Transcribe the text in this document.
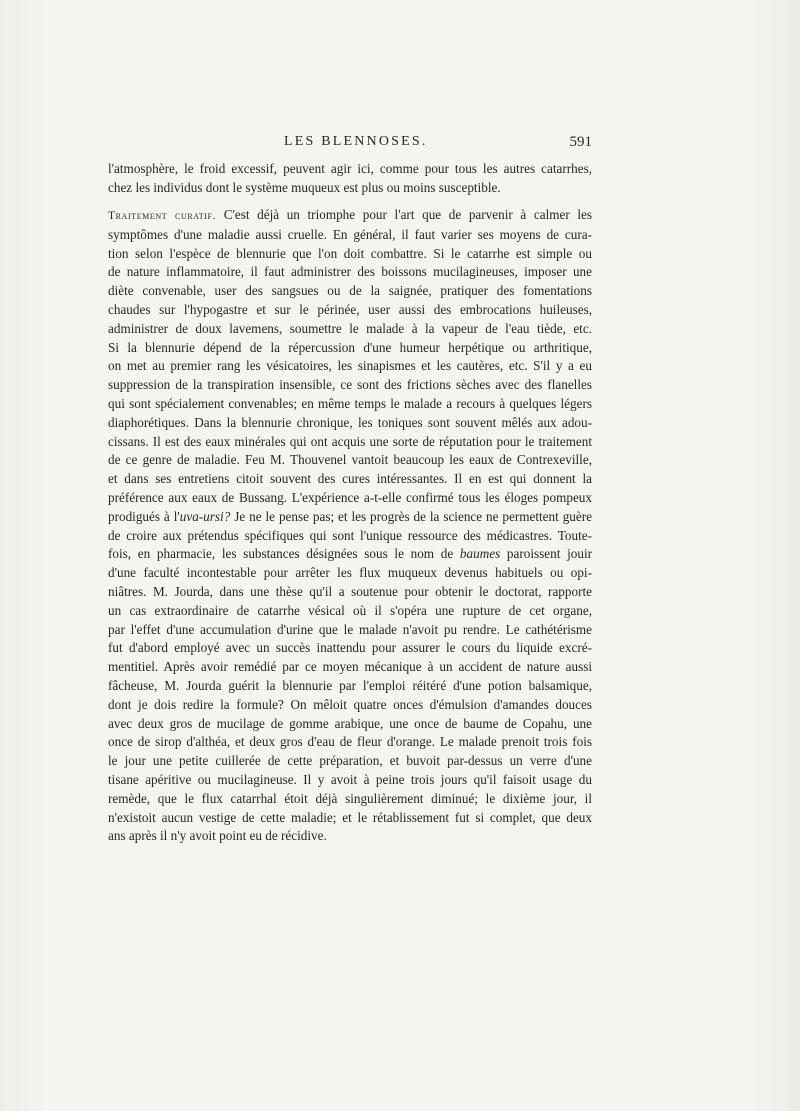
LES BLENNOSES.	591
l'atmosphère, le froid excessif, peuvent agir ici, comme pour tous les autres catarrhes,
chez les individus dont le système muqueux est plus ou moins susceptible.
Traitement curatif. C'est déjà un triomphe pour l'art que de parvenir à calmer les
symptômes d'une maladie aussi cruelle. En général, il faut varier ses moyens de cura-
tion selon l'espèce de blennurie que l'on doit combattre. Si le catarrhe est simple ou
de nature inflammatoire, il faut administrer des boissons mucilagineuses, imposer une
diète convenable, user des sangsues ou de la saignée, pratiquer des fomentations
chaudes sur l'hypogastre et sur le périnée, user aussi des embrocations huileuses,
administrer de doux lavemens, soumettre le malade à la vapeur de l'eau tiède, etc.
Si la blennurie dépend de la répercussion d'une humeur herpétique ou arthritique,
on met au premier rang les vésicatoires, les sinapismes et les cautères, etc. S'il y a eu
suppression de la transpiration insensible, ce sont des frictions sèches avec des flanelles
qui sont spécialement convenables; en même temps le malade a recours à quelques légers
diaphorétiques. Dans la blennurie chronique, les toniques sont souvent mêlés aux adou-
cissans. Il est des eaux minérales qui ont acquis une sorte de réputation pour le traitement
de ce genre de maladie. Feu M. Thouvenel vantoit beaucoup les eaux de Contrexeville,
et dans ses entretiens citoit souvent des cures intéressantes. Il en est qui donnent la
préférence aux eaux de Bussang. L'expérience a-t-elle confirmé tous les éloges pompeux
prodigués à l'uva-ursi? Je ne le pense pas; et les progrès de la science ne permettent guère
de croire aux prétendus spécifiques qui sont l'unique ressource des médicastres. Toute-
fois, en pharmacie, les substances désignées sous le nom de baumes paroissent jouir
d'une faculté incontestable pour arrêter les flux muqueux devenus habituels ou opi-
niâtres. M. Jourda, dans une thèse qu'il a soutenue pour obtenir le doctorat, rapporte
un cas extraordinaire de catarrhe vésical où il s'opéra une rupture de cet organe,
par l'effet d'une accumulation d'urine que le malade n'avoit pu rendre. Le cathétérisme
fut d'abord employé avec un succès inattendu pour assurer le cours du liquide excré-
mentitiel. Après avoir remédié par ce moyen mécanique à un accident de nature aussi
fâcheuse, M. Jourda guérit la blennurie par l'emploi réitéré d'une potion balsamique,
dont je dois redire la formule? On mêloit quatre onces d'émulsion d'amandes douces
avec deux gros de mucilage de gomme arabique, une once de baume de Copahu, une
once de sirop d'althéa, et deux gros d'eau de fleur d'orange. Le malade prenoit trois fois
le jour une petite cuillerée de cette préparation, et buvoit par-dessus un verre d'une
tisane apéritive ou mucilagineuse. Il y avoit à peine trois jours qu'il faisoit usage du
remède, que le flux catarrhal étoit déjà singulièrement diminué; le dixième jour, il
n'existoit aucun vestige de cette maladie; et le rétablissement fut si complet, que deux
ans après il n'y avoit point eu de récidive.
